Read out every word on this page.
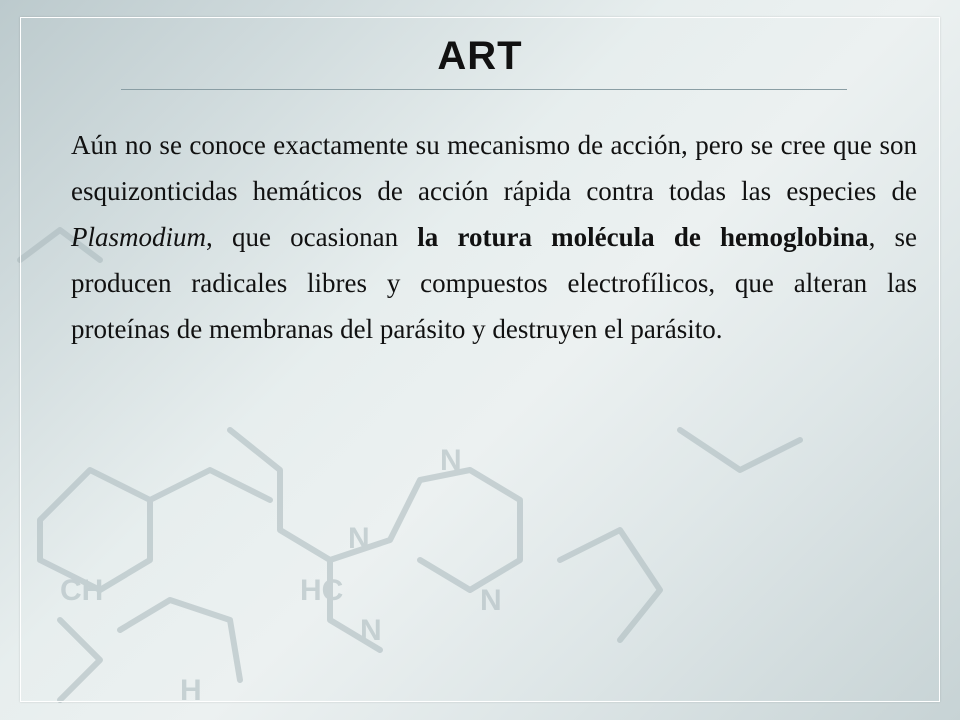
N
N
N
HC
H
CH	N
ART

Aún no se conoce exactamente su mecanismo de acción, pero se cree que son esquizonticidas hemáticos de acción rápida contra todas las especies de Plasmodium, que ocasionan la rotura molécula de hemoglobina, se producen radicales libres y compuestos electrofílicos, que alteran las proteínas de membranas del parásito y destruyen el parásito.
